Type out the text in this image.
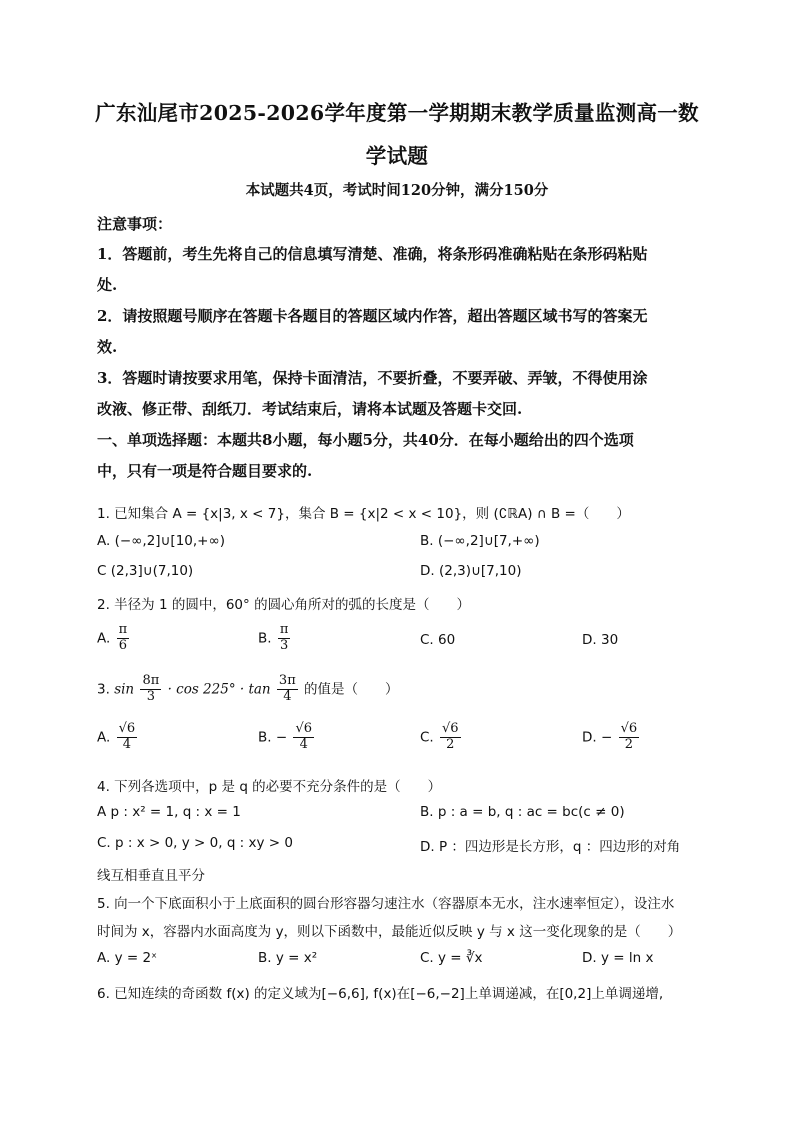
广东汕尾市2025-2026学年度第一学期期末教学质量监测高一数
学试题
本试题共4页，考试时间120分钟，满分150分
注意事项：
1．答题前，考生先将自己的信息填写清楚、准确，将条形码准确粘贴在条形码粘贴
处.
2．请按照题号顺序在答题卡各题目的答题区域内作答，超出答题区域书写的答案无
效.
3．答题时请按要求用笔，保持卡面清洁，不要折叠，不要弄破、弄皱，不得使用涂
改液、修正带、刮纸刀．考试结束后，请将本试题及答题卡交回.
一、单项选择题：本题共8小题，每小题5分，共40分．在每小题给出的四个选项
中，只有一项是符合题目要求的.
1. 已知集合 A = {x|3, x < 7}，集合 B = {x|2 < x < 10}，则 (∁ℝA) ∩ B =（　　）
A. (−∞,2]∪[10,+∞)	B. (−∞,2]∪[7,+∞)
C (2,3]∪(7,10)	D. (2,3)∪[7,10)
2. 半径为 1 的圆中，60° 的圆心角所对的弧的长度是（　　）
A. $\frac{\pi}{6}$	B. $\frac{\pi}{3}$	C. 60	D. 30
3. $\sin \frac{8\pi}{3} \cdot \cos 225^\circ \cdot \tan \frac{3\pi}{4}$ 的值是（　　）
A. $\frac{√6}{4}$	B. − $\frac{√6}{4}$	C. $\frac{√6}{2}$	D. − $\frac{√6}{2}$
4. 下列各选项中，p 是 q 的必要不充分条件的是（　　）
A p : x² = 1, q : x = 1	B. p : a = b, q : ac = bc(c ≠ 0)
C. p : x > 0, y > 0, q : xy > 0	D. P ：四边形是长方形，q ：四边形的对角
线互相垂直且平分
5. 向一个下底面积小于上底面积的圆台形容器匀速注水（容器原本无水，注水速率恒定），设注水
时间为 x，容器内水面高度为 y，则以下函数中，最能近似反映 y 与 x 这一变化现象的是（　　）
A. y = 2ˣ	B. y = x²	C. y = ∛x	D. y = ln x
6. 已知连续的奇函数 f(x) 的定义域为[−6,6], f(x)在[−6,−2]上单调递减，在[0,2]上单调递增,
